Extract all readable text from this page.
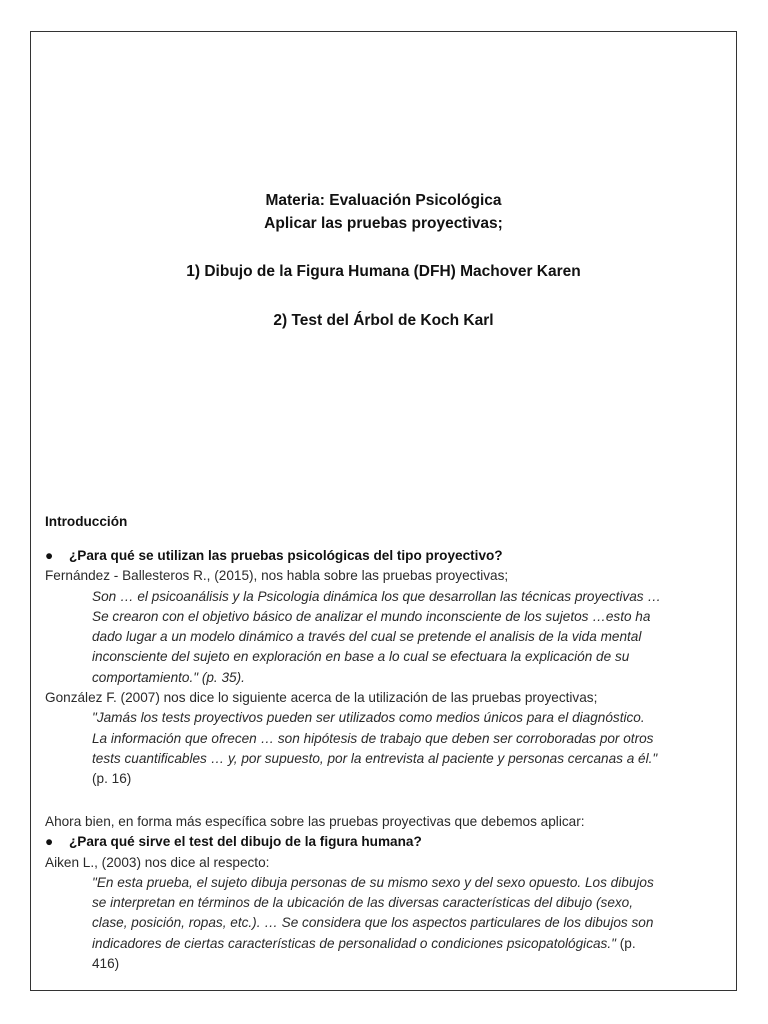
Materia: Evaluación Psicológica
Aplicar las pruebas proyectivas;
1) Dibujo de la Figura Humana (DFH) Machover Karen
2) Test del Árbol de Koch Karl
Introducción
● ¿Para qué se utilizan las pruebas psicológicas del tipo proyectivo?
Fernández - Ballesteros R., (2015), nos habla sobre las pruebas proyectivas;
Son … el psicoanálisis y la Psicologia dinámica los que desarrollan las técnicas proyectivas …
Se crearon con el objetivo básico de analizar el mundo inconsciente de los sujetos …esto ha
dado lugar a un modelo dinámico a través del cual se pretende el analisis de la vida mental
inconsciente del sujeto en exploración en base a lo cual se efectuara la explicación de su
comportamiento." (p. 35).
González F. (2007) nos dice lo siguiente acerca de la utilización de las pruebas proyectivas;
"Jamás los tests proyectivos pueden ser utilizados como medios únicos para el diagnóstico.
La información que ofrecen … son hipótesis de trabajo que deben ser corroboradas por otros
tests cuantificables … y, por supuesto, por la entrevista al paciente y personas cercanas a él."
(p. 16)
Ahora bien, en forma más específica sobre las pruebas proyectivas que debemos aplicar:
● ¿Para qué sirve el test del dibujo de la figura humana?
Aiken L., (2003) nos dice al respecto:
"En esta prueba, el sujeto dibuja personas de su mismo sexo y del sexo opuesto. Los dibujos
se interpretan en términos de la ubicación de las diversas características del dibujo (sexo,
clase, posición, ropas, etc.). … Se considera que los aspectos particulares de los dibujos son
indicadores de ciertas características de personalidad o condiciones psicopatológicas." (p.
416)
